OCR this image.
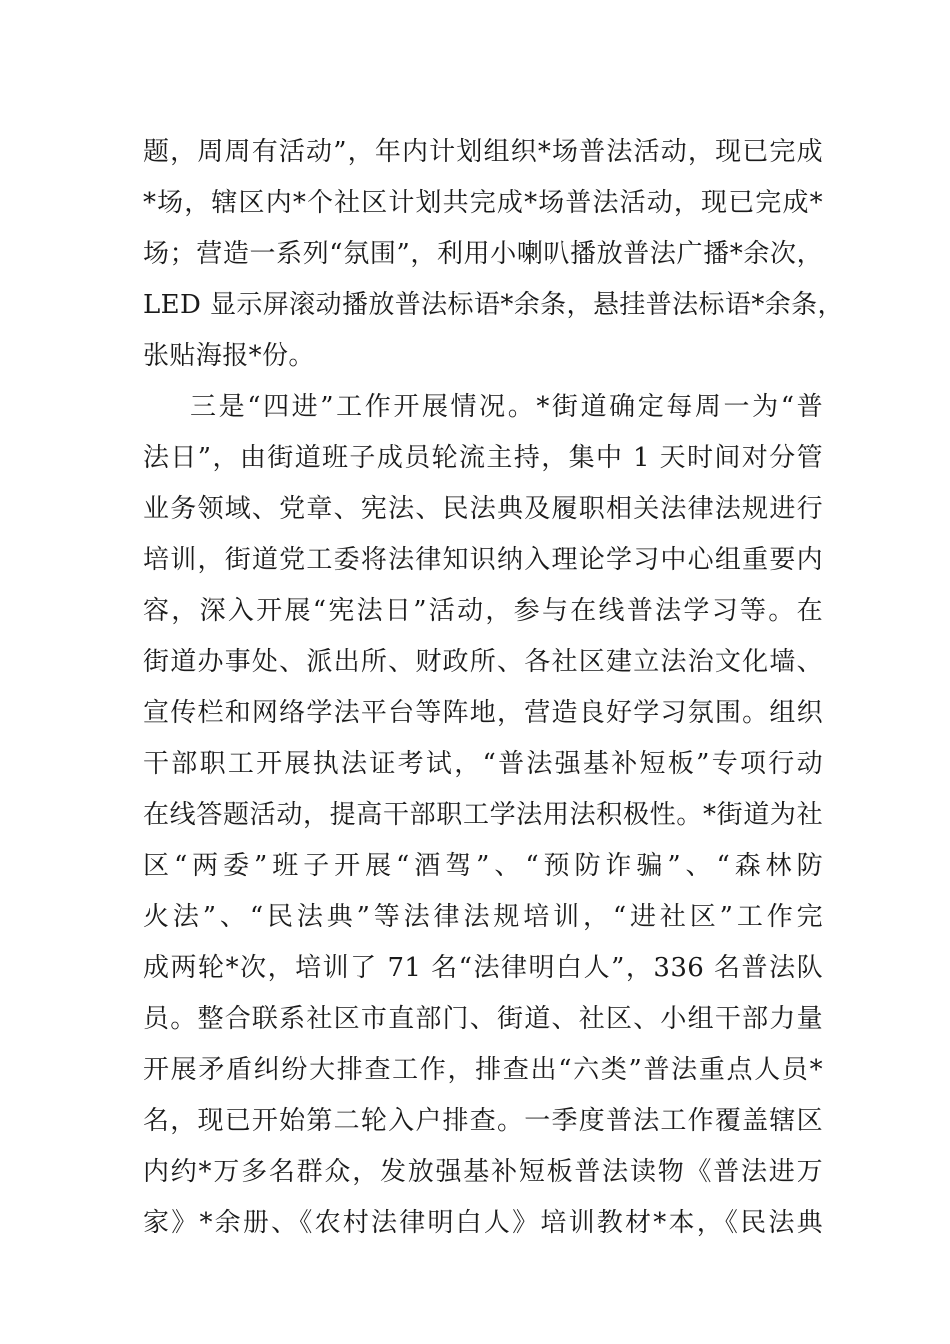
题，周周有活动”，年内计划组织*场普法活动，现已完成
*场，辖区内*个社区计划共完成*场普法活动，现已完成*
场；营造一系列“氛围”，利用小喇叭播放普法广播*余次，
LED 显示屏滚动播放普法标语*余条，悬挂普法标语*余条，
张贴海报*份。
三是“四进”工作开展情况。*街道确定每周一为“普
法日”，由街道班子成员轮流主持，集中 1 天时间对分管
业务领域、党章、宪法、民法典及履职相关法律法规进行
培训，街道党工委将法律知识纳入理论学习中心组重要内
容，深入开展“宪法日”活动，参与在线普法学习等。在
街道办事处、派出所、财政所、各社区建立法治文化墙、
宣传栏和网络学法平台等阵地，营造良好学习氛围。组织
干部职工开展执法证考试，“普法强基补短板”专项行动
在线答题活动，提高干部职工学法用法积极性。*街道为社
区“两委”班子开展“酒驾”、“预防诈骗”、“森林防
火法”、“民法典”等法律法规培训，“进社区”工作完
成两轮*次，培训了 71 名“法律明白人”，336 名普法队
员。整合联系社区市直部门、街道、社区、小组干部力量
开展矛盾纠纷大排查工作，排查出“六类”普法重点人员*
名，现已开始第二轮入户排查。一季度普法工作覆盖辖区
内约*万多名群众，发放强基补短板普法读物《普法进万
家》*余册、《农村法律明白人》培训教材*本，《民法典
